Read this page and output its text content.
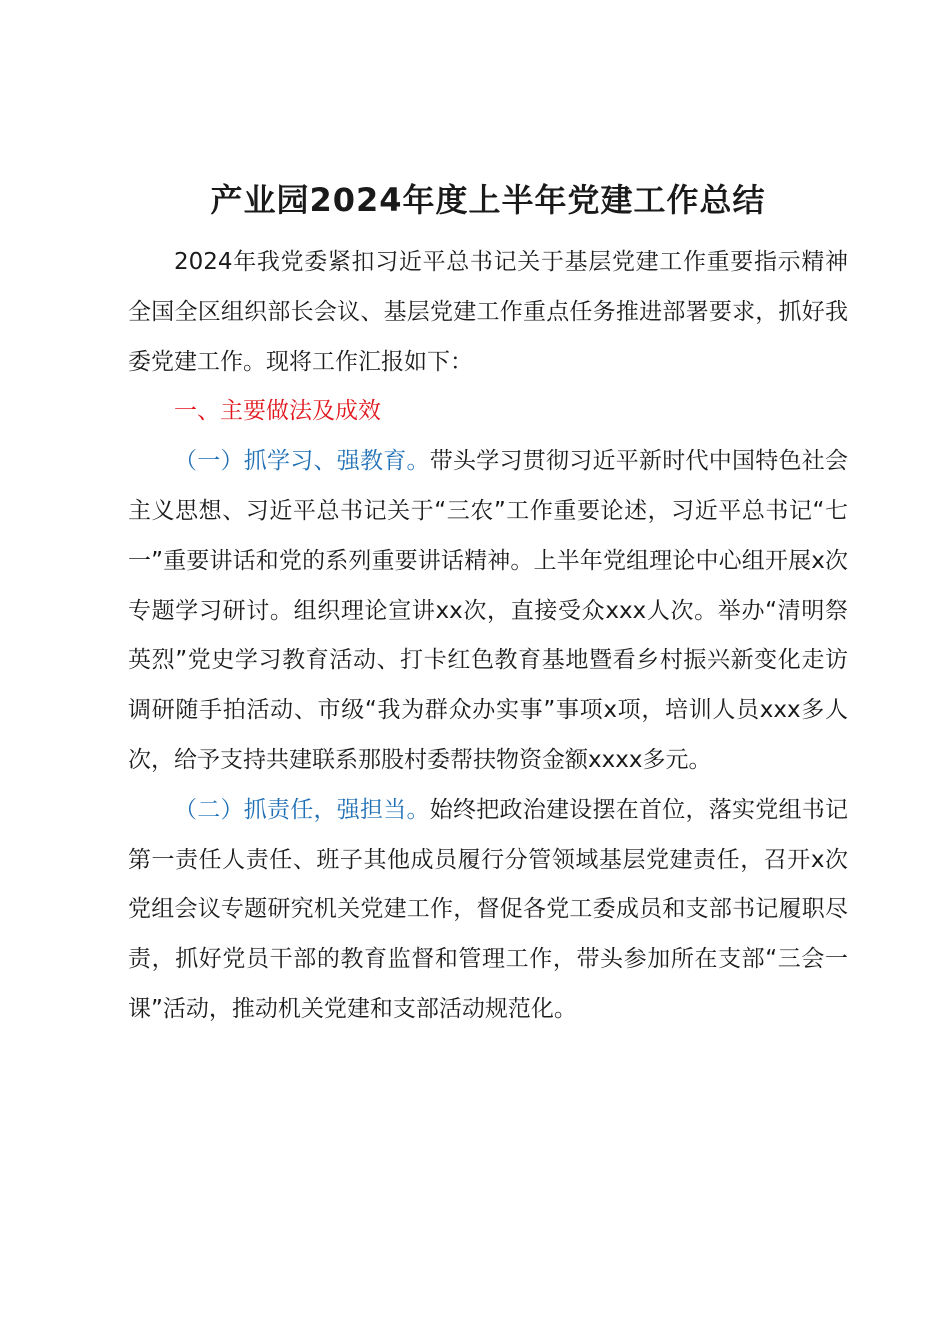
产业园2024年度上半年党建工作总结

2024年我党委紧扣习近平总书记关于基层党建工作重要指示精神全国全区组织部长会议、基层党建工作重点任务推进部署要求，抓好我委党建工作。现将工作汇报如下：

一、主要做法及成效

（一）抓学习、强教育。带头学习贯彻习近平新时代中国特色社会主义思想、习近平总书记关于“三农”工作重要论述，习近平总书记“七一”重要讲话和党的系列重要讲话精神。上半年党组理论中心组开展x次专题学习研讨。组织理论宣讲xx次，直接受众xxx人次。举办“清明祭英烈”党史学习教育活动、打卡红色教育基地暨看乡村振兴新变化走访调研随手拍活动、市级“我为群众办实事”事项x项，培训人员xxx多人次，给予支持共建联系那股村委帮扶物资金额xxxx多元。

（二）抓责任，强担当。始终把政治建设摆在首位，落实党组书记第一责任人责任、班子其他成员履行分管领域基层党建责任，召开x次党组会议专题研究机关党建工作，督促各党工委成员和支部书记履职尽责，抓好党员干部的教育监督和管理工作，带头参加所在支部“三会一课”活动，推动机关党建和支部活动规范化。
